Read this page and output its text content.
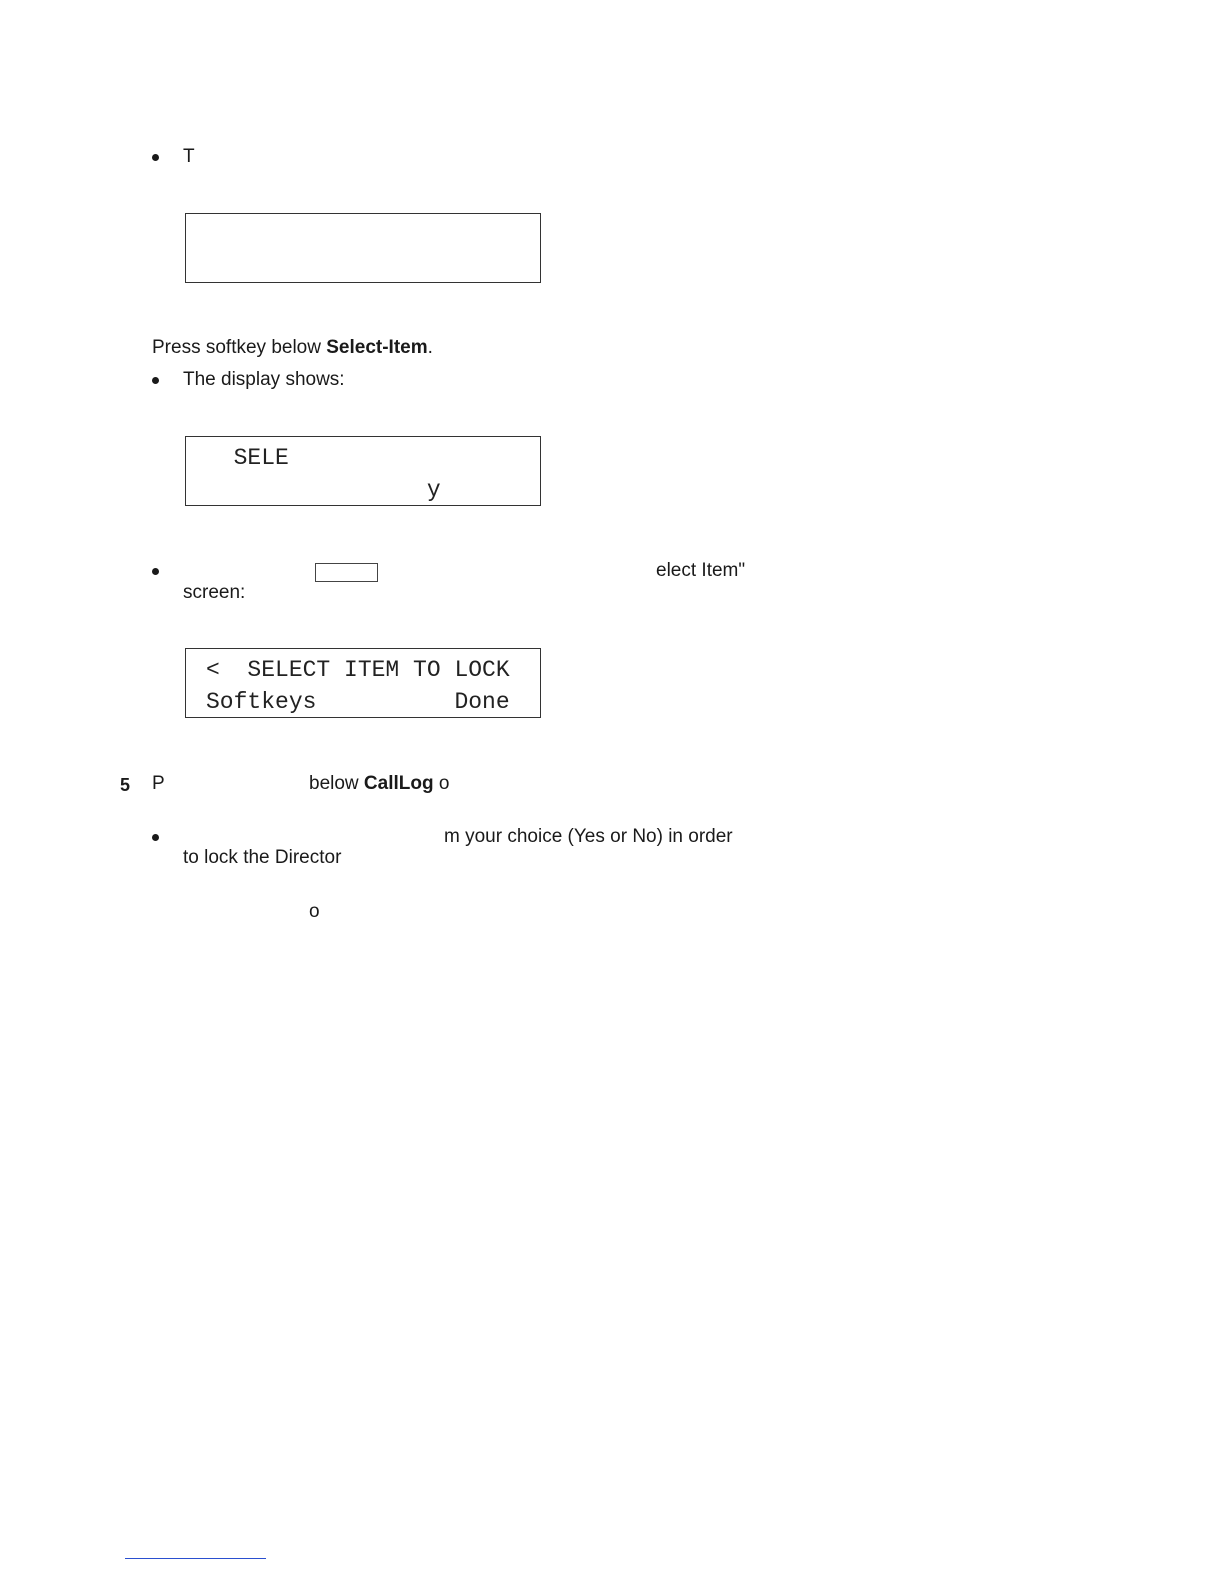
T
Press softkey below Select-Item.
The display shows:
SELE
y
elect Item"
screen:
<  SELECT ITEM TO LOCK
Softkeys          Done
5 P	below CallLog o
m your choice (Yes or No) in order
to lock the Director
o
